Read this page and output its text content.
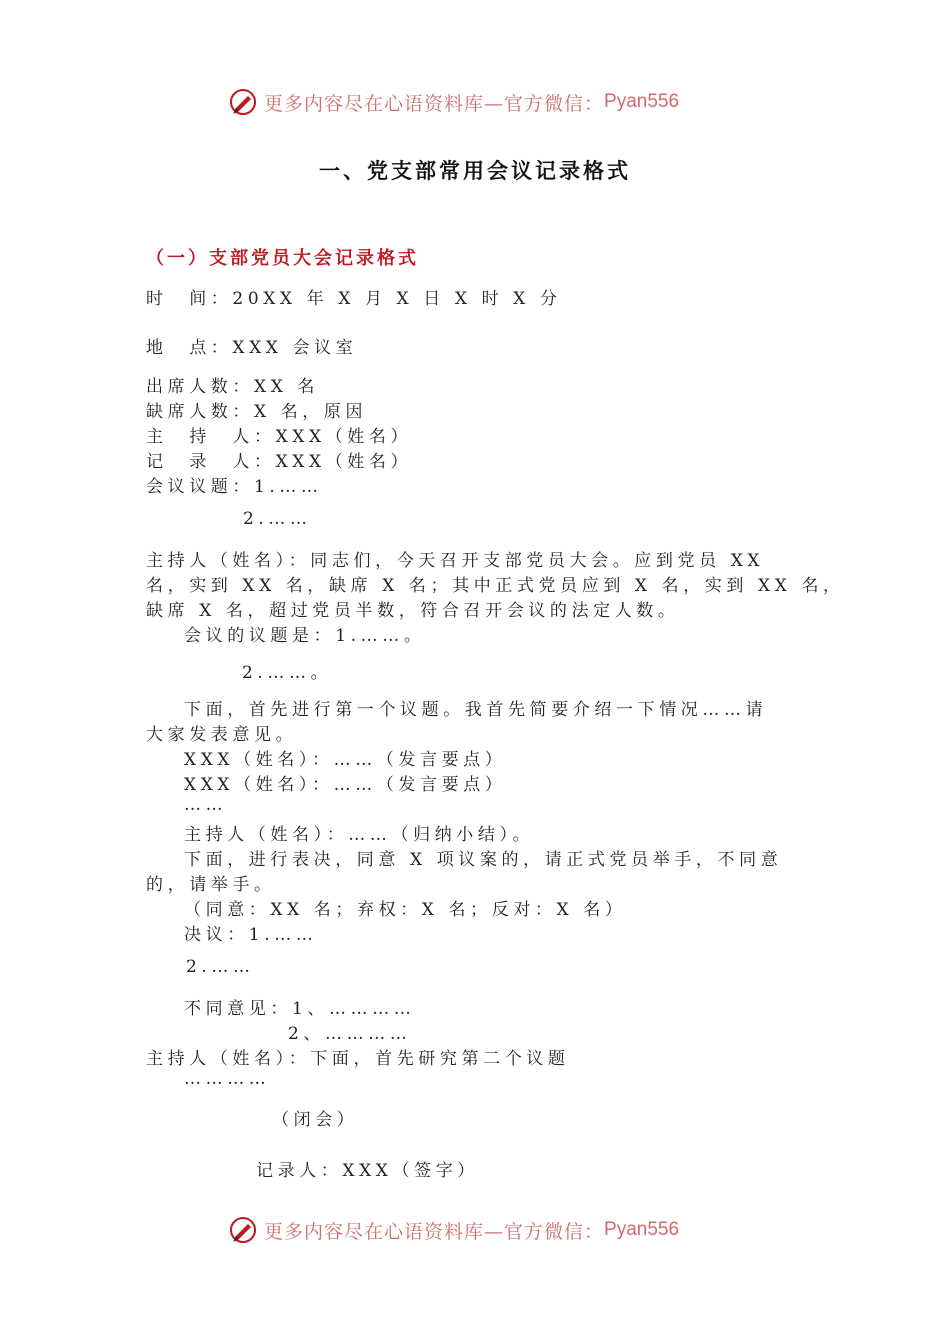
更多内容尽在心语资料库—官方微信： Pyan556
一、党支部常用会议记录格式
（一）支部党员大会记录格式
时　间：20XX 年 X 月 X 日 X 时 X 分
地　点：XXX 会议室
出席人数：XX 名
缺席人数：X 名，原因
主　持　人：XXX（姓名）
记　录　人：XXX（姓名）
会议议题：1.……
2.……
主持人（姓名）：同志们，今天召开支部党员大会。应到党员 XX
名，实到 XX 名，缺席 X 名；其中正式党员应到 X 名，实到 XX 名，
缺席 X 名，超过党员半数，符合召开会议的法定人数。
会议的议题是：1.……。
2.……。
下面，首先进行第一个议题。我首先简要介绍一下情况……请
大家发表意见。
XXX（姓名）：……（发言要点）
XXX（姓名）：……（发言要点）
……
主持人（姓名）：……（归纳小结）。
下面，进行表决，同意 X 项议案的，请正式党员举手，不同意
的，请举手。
（同意：XX 名；弃权：X 名；反对：X 名）
决议：1.……
2.……
不同意见：1、…………
2、…………
主持人（姓名）：下面，首先研究第二个议题
…………
（闭会）
记录人：XXX（签字）
更多内容尽在心语资料库—官方微信： Pyan556
